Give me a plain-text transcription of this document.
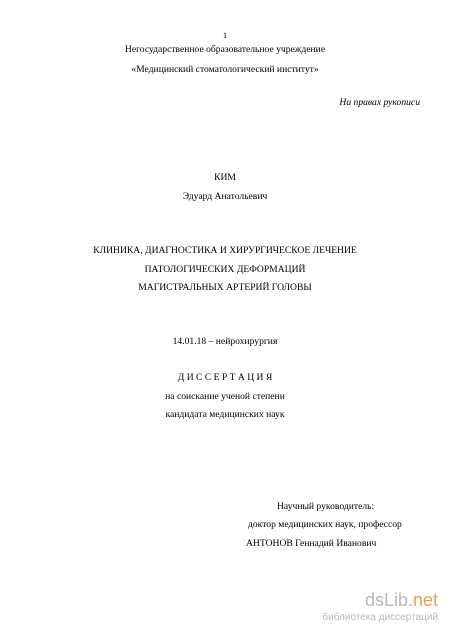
1
Негосударственное образовательное учреждение
«Медицинский стоматологический институт»
На правах рукописи
КИМ
Эдуард Анатольевич
КЛИНИКА, ДИАГНОСТИКА И ХИРУРГИЧЕСКОЕ ЛЕЧЕНИЕ
ПАТОЛОГИЧЕСКИХ ДЕФОРМАЦИЙ
МАГИСТРАЛЬНЫХ АРТЕРИЙ ГОЛОВЫ
14.01.18 – нейрохирургия
Д И С С Е Р Т А Ц И Я
на соискание ученой степени
кандидата медицинских наук
Научный руководитель:
доктор медицинских наук, профессор
АНТОНОВ Геннадий Иванович
dsLib.net
библиотека диссертаций
